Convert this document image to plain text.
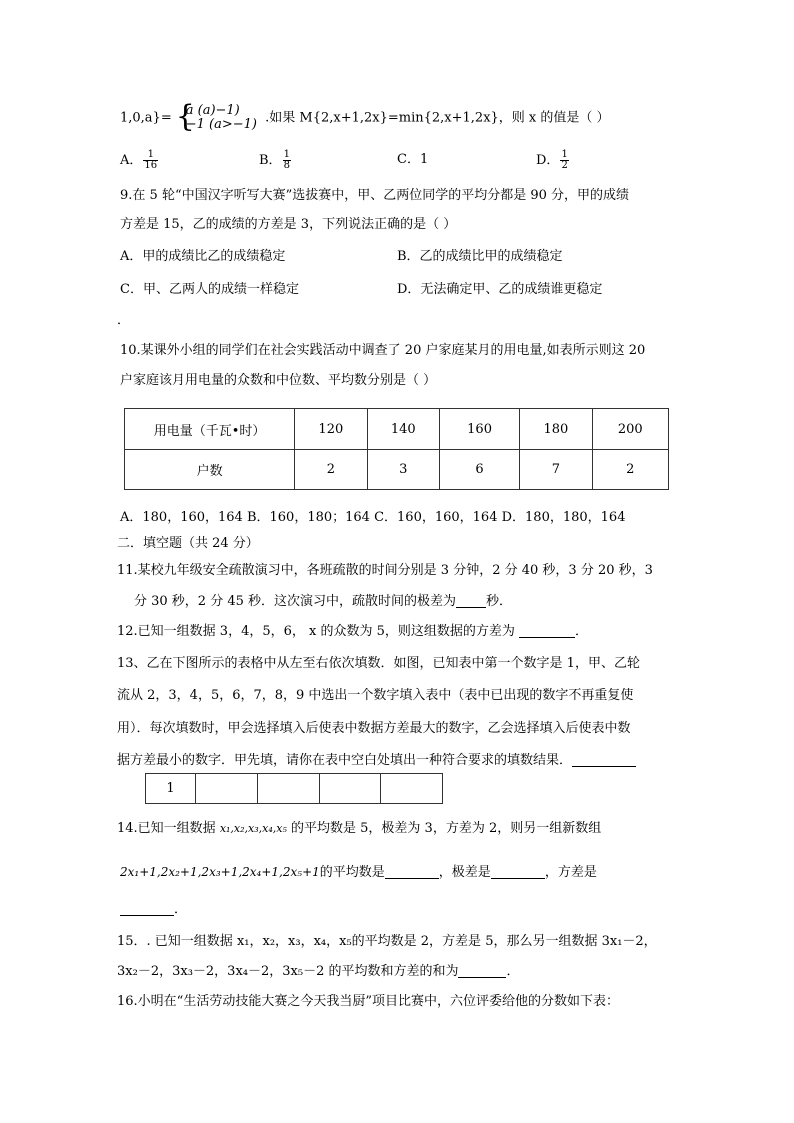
1,0,a}= {
a (a)−1)
−1 (a>−1) .如果 M{2,x+1,2x}=min{2,x+1,2x}，则 x 的值是（ ）
A． $\frac{1}{16}$	B． $\frac{1}{8}$	C．1	D． $\frac{1}{2}$
9.在 5 轮“中国汉字听写大赛”选拔赛中，甲、乙两位同学的平均分都是 90 分，甲的成绩
方差是 15，乙的成绩的方差是 3，下列说法正确的是（ ）
A．甲的成绩比乙的成绩稳定	B．乙的成绩比甲的成绩稳定
C．甲、乙两人的成绩一样稳定	D．无法确定甲、乙的成绩谁更稳定
．
10.某课外小组的同学们在社会实践活动中调查了 20 户家庭某月的用电量,如表所示则这 20
户家庭该月用电量的众数和中位数、平均数分别是（ ）
用电量（千瓦•时）	120	140	160	180	200
户数	2	3	6	7	2
A．180，160，164 B．160，180；164 C．160，160，164 D．180，180，164
二．填空题（共 24 分）
11.某校九年级安全疏散演习中，各班疏散的时间分别是 3 分钟，2 分 40 秒，3 分 20 秒，3
分 30 秒，2 分 45 秒．这次演习中，疏散时间的极差为 秒．
12.已知一组数据 3，4，5，6， x 的众数为 5，则这组数据的方差为	．
13、乙在下图所示的表格中从左至右依次填数．如图，已知表中第一个数字是 1，甲、乙轮
流从 2，3，4，5，6，7，8，9 中选出一个数字填入表中（表中已出现的数字不再重复使
用）．每次填数时，甲会选择填入后使表中数据方差最大的数字，乙会选择填入后使表中数
据方差最小的数字．甲先填，请你在表中空白处填出一种符合要求的填数结果．
1				
14.已知一组数据 x₁,x₂,x₃,x₄,x₅ 的平均数是 5，极差为 3，方差为 2，则另一组新数组
2x₁+1,2x₂+1,2x₃+1,2x₄+1,2x₅+1的平均数是	，极差是	，方差是
．
15．. 已知一组数据 x₁，x₂，x₃，x₄，x₅的平均数是 2，方差是 5，那么另一组数据 3x₁－2，
3x₂－2，3x₃－2，3x₄－2，3x₅－2 的平均数和方差的和为	．
16.小明在“生活劳动技能大赛之今天我当厨”项目比赛中，六位评委给他的分数如下表：
